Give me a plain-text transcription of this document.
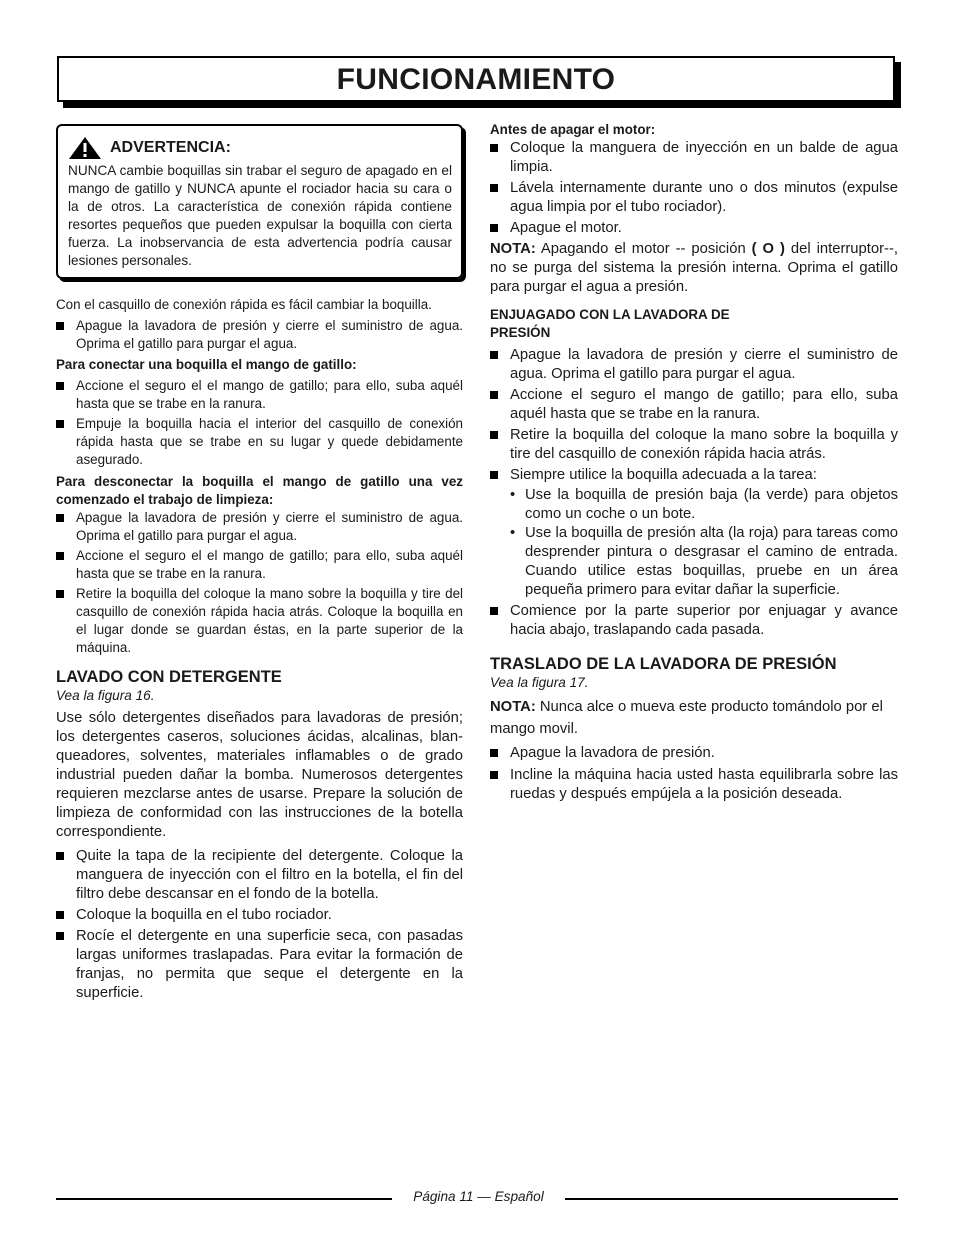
FUNCIONAMIENTO
ADVERTENCIA:

NUNCA cambie boquillas sin trabar el seguro de apagado en el mango de gatillo y NUNCA apunte el rociador hacia su cara o la de otros. La característica de conexión rápida contiene resortes pequeños que pueden expulsar la boquilla con cierta fuerza. La inobservancia de esta advertencia podría causar lesiones personales.

Con el casquillo de conexión rápida es fácil cambiar la boquilla.

Apague la lavadora de presión y cierre el suministro de agua. Oprima el gatillo para purgar el agua.

Para conectar una boquilla el mango de gatillo:

Accione el seguro el el mango de gatillo; para ello, suba aquél hasta que se trabe en la ranura.
Empuje la boquilla hacia el interior del casquillo de conexión rápida hasta que se trabe en su lugar y quede debidamente asegurado.

Para desconectar la boquilla el mango de gatillo una vez comenzado el trabajo de limpieza:

Apague la lavadora de presión y cierre el suministro de agua. Oprima el gatillo para purgar el agua.
Accione el seguro el el mango de gatillo; para ello, suba aquél hasta que se trabe en la ranura.
Retire la boquilla del coloque la mano sobre la boquilla y tire del casquillo de conexión rápida hacia atrás. Coloque la boquilla en el lugar donde se guardan éstas, en la parte superior de la máquina.

LAVADO CON DETERGENTE

Vea la figura 16.

Use sólo detergentes diseñados para lavadoras de presión; los detergentes caseros, soluciones ácidas, alcalinas, blan-queadores, solventes, materiales inflamables o de grado industrial pueden dañar la bomba. Numerosos detergentes requieren mezclarse antes de usarse. Prepare la solución de limpieza de conformidad con las instrucciones de la botella correspondiente.

Quite la tapa de la recipiente del detergente. Coloque la manguera de inyección con el filtro en la botella, el fin del filtro debe descansar en el fondo de la botella.
Coloque la boquilla en el tubo rociador.
Rocíe el detergente en una superficie seca, con pasadas largas uniformes traslapadas. Para evitar la formación de franjas, no permita que seque el detergente en la superficie.

Antes de apagar el motor:

Coloque la manguera de inyección en un balde de agua limpia.
Lávela internamente durante uno o dos minutos (expulse agua limpia por el tubo rociador).
Apague el motor.

NOTA: Apagando el motor -- posición ( O ) del interruptor--, no se purga del sistema la presión interna. Oprima el gatillo para purgar el agua a presión.

ENJUAGADO CON LA LAVADORA DE PRESIÓN

Apague la lavadora de presión y cierre el suministro de agua. Oprima el gatillo para purgar el agua.
Accione el seguro el mango de gatillo; para ello, suba aquél hasta que se trabe en la ranura.
Retire la boquilla del coloque la mano sobre la boquilla y tire del casquillo de conexión rápida hacia atrás.
Siempre utilice la boquilla adecuada a la tarea:
• Use la boquilla de presión baja (la verde) para objetos como un coche o un bote.
• Use la boquilla de presión alta (la roja) para tareas como desprender pintura o desgrasar el camino de entrada. Cuando utilice estas boquillas, pruebe en un área pequeña primero para evitar dañar la superficie.
Comience por la parte superior por enjuagar y avance hacia abajo, traslapando cada pasada.

TRASLADO DE LA LAVADORA DE PRESIÓN

Vea la figura 17.

NOTA: Nunca alce o mueva este producto tomándolo por el mango movil.

Apague la lavadora de presión.
Incline la máquina hacia usted hasta equilibrarla sobre las ruedas y después empújela a la posición deseada.
Página 11 — Español
